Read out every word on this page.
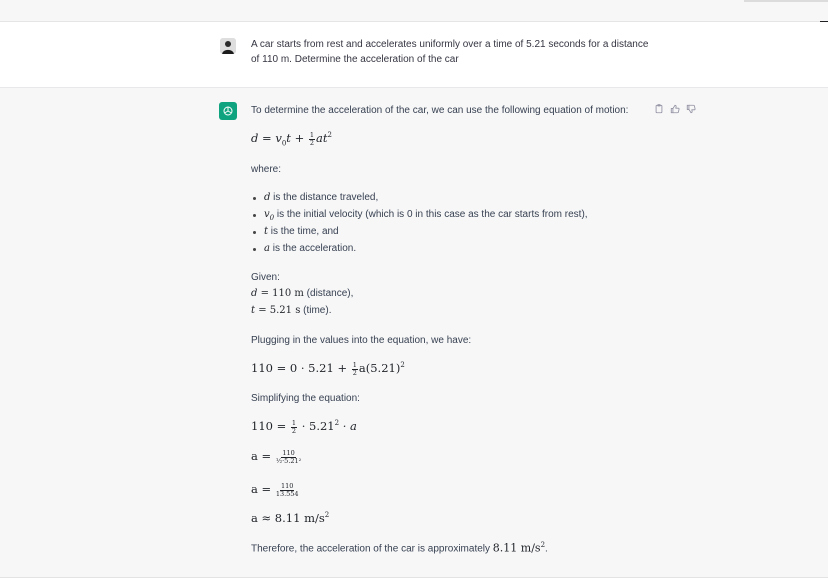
A car starts from rest and accelerates uniformly over a time of 5.21 seconds for a distance of 110 m. Determine the acceleration of the car
To determine the acceleration of the car, we can use the following equation of motion:
$d = v_0t + \frac{1}{2} at^2$
where:
d is the distance traveled,
$v_0$ is the initial velocity (which is 0 in this case as the car starts from rest),
t is the time, and
a is the acceleration.
Given:
d = 110 m (distance),
t = 5.21 s (time).
Plugging in the values into the equation, we have:
$110 = 0 \cdot 5.21 + \frac{1}{2} a(5.21)^2$
Simplifying the equation:
$110 = \frac{1}{2} \cdot 5.21^2 \cdot a$
$a = \frac{110}{\text{½·5.21²}}$
$a = \frac{110}{13.554}$
a ≈ 8.11 $m/s^2$
Therefore, the acceleration of the car is approximately 8.11 $m/s^2$.
